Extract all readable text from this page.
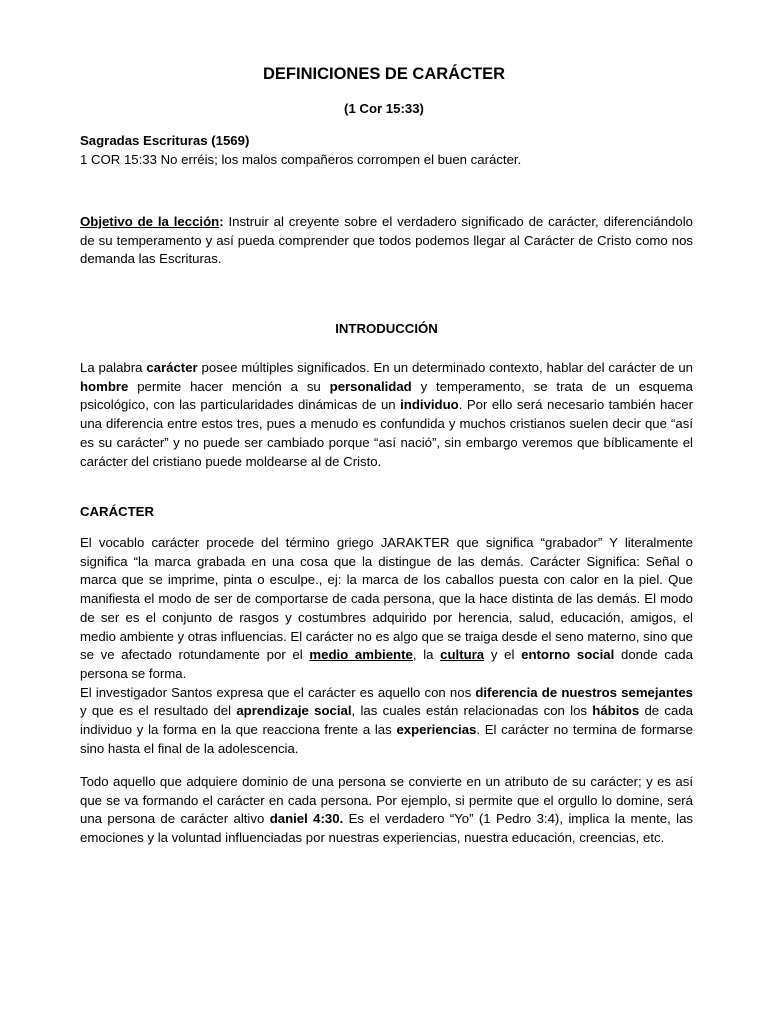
DEFINICIONES DE CARÁCTER
(1 Cor 15:33)
Sagradas Escrituras (1569)
1 COR 15:33 No erréis; los malos compañeros corrompen el buen carácter.
Objetivo de la lección: Instruir al creyente sobre el verdadero significado de carácter, diferenciándolo de su temperamento y así pueda comprender que todos podemos llegar al Carácter de Cristo como nos demanda las Escrituras.
INTRODUCCIÓN
La palabra carácter posee múltiples significados. En un determinado contexto, hablar del carácter de un hombre permite hacer mención a su personalidad y temperamento, se trata de un esquema psicológico, con las particularidades dinámicas de un individuo. Por ello será necesario también hacer una diferencia entre estos tres, pues a menudo es confundida y muchos cristianos suelen decir que “así es su carácter” y no puede ser cambiado porque “así nació”, sin embargo veremos que bíblicamente el carácter del cristiano puede moldearse al de Cristo.
CARÁCTER
El vocablo carácter procede del término griego JARAKTER que significa “grabador” Y literalmente significa “la marca grabada en una cosa que la distingue de las demás. Carácter Significa: Señal o marca que se imprime, pinta o esculpe., ej: la marca de los caballos puesta con calor en la piel. Que manifiesta el modo de ser de comportarse de cada persona, que la hace distinta de las demás. El modo de ser es el conjunto de rasgos y costumbres adquirido por herencia, salud, educación, amigos, el medio ambiente y otras influencias. El carácter no es algo que se traiga desde el seno materno, sino que se ve afectado rotundamente por el medio ambiente, la cultura y el entorno social donde cada persona se forma.
El investigador Santos expresa que el carácter es aquello con nos diferencia de nuestros semejantes y que es el resultado del aprendizaje social, las cuales están relacionadas con los hábitos de cada individuo y la forma en la que reacciona frente a las experiencias. El carácter no termina de formarse sino hasta el final de la adolescencia.
Todo aquello que adquiere dominio de una persona se convierte en un atributo de su carácter; y es así que se va formando el carácter en cada persona. Por ejemplo, si permite que el orgullo lo domine, será una persona de carácter altivo daniel 4:30. Es el verdadero “Yo” (1 Pedro 3:4), implica la mente, las emociones y la voluntad influenciadas por nuestras experiencias, nuestra educación, creencias, etc.
